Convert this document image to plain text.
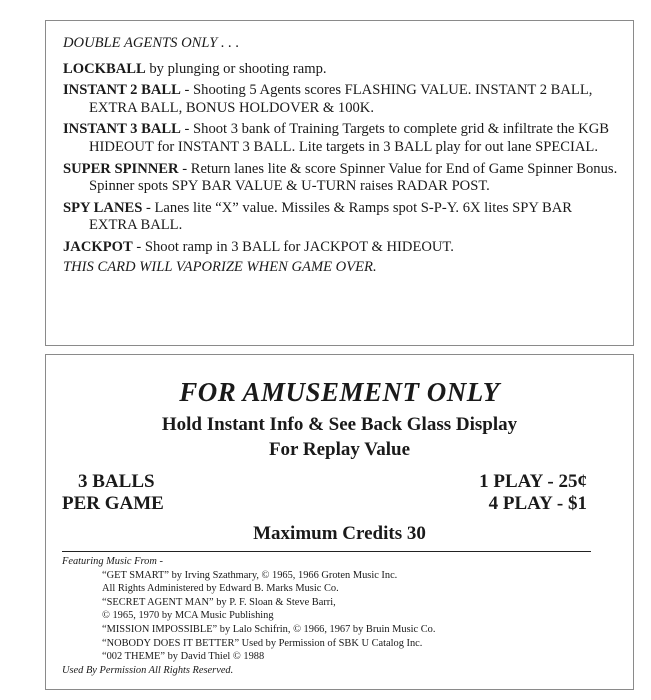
DOUBLE AGENTS ONLY . . .
LOCKBALL by plunging or shooting ramp.
INSTANT 2 BALL - Shooting 5 Agents scores FLASHING VALUE. INSTANT 2 BALL, EXTRA BALL, BONUS HOLDOVER & 100K.
INSTANT 3 BALL - Shoot 3 bank of Training Targets to complete grid & infiltrate the KGB HIDEOUT for INSTANT 3 BALL. Lite targets in 3 BALL play for out lane SPECIAL.
SUPER SPINNER - Return lanes lite & score Spinner Value for End of Game Spinner Bonus. Spinner spots SPY BAR VALUE & U-TURN raises RADAR POST.
SPY LANES - Lanes lite “X” value. Missiles & Ramps spot S-P-Y. 6X lites SPY BAR EXTRA BALL.
JACKPOT - Shoot ramp in 3 BALL for JACKPOT & HIDEOUT.
THIS CARD WILL VAPORIZE WHEN GAME OVER.
FOR AMUSEMENT ONLY
Hold Instant Info & See Back Glass Display
For Replay Value
3 BALLS
PER GAME
1 PLAY - 25¢
4 PLAY - $1
Maximum Credits 30
Featuring Music From -
“GET SMART” by Irving Szathmary, © 1965, 1966 Groten Music Inc.
All Rights Administered by Edward B. Marks Music Co.
“SECRET AGENT MAN” by P. F. Sloan & Steve Barri,
© 1965, 1970 by MCA Music Publishing
“MISSION IMPOSSIBLE” by Lalo Schifrin, © 1966, 1967 by Bruin Music Co.
“NOBODY DOES IT BETTER” Used by Permission of SBK U Catalog Inc.
“002 THEME” by David Thiel © 1988
Used By Permission All Rights Reserved.
